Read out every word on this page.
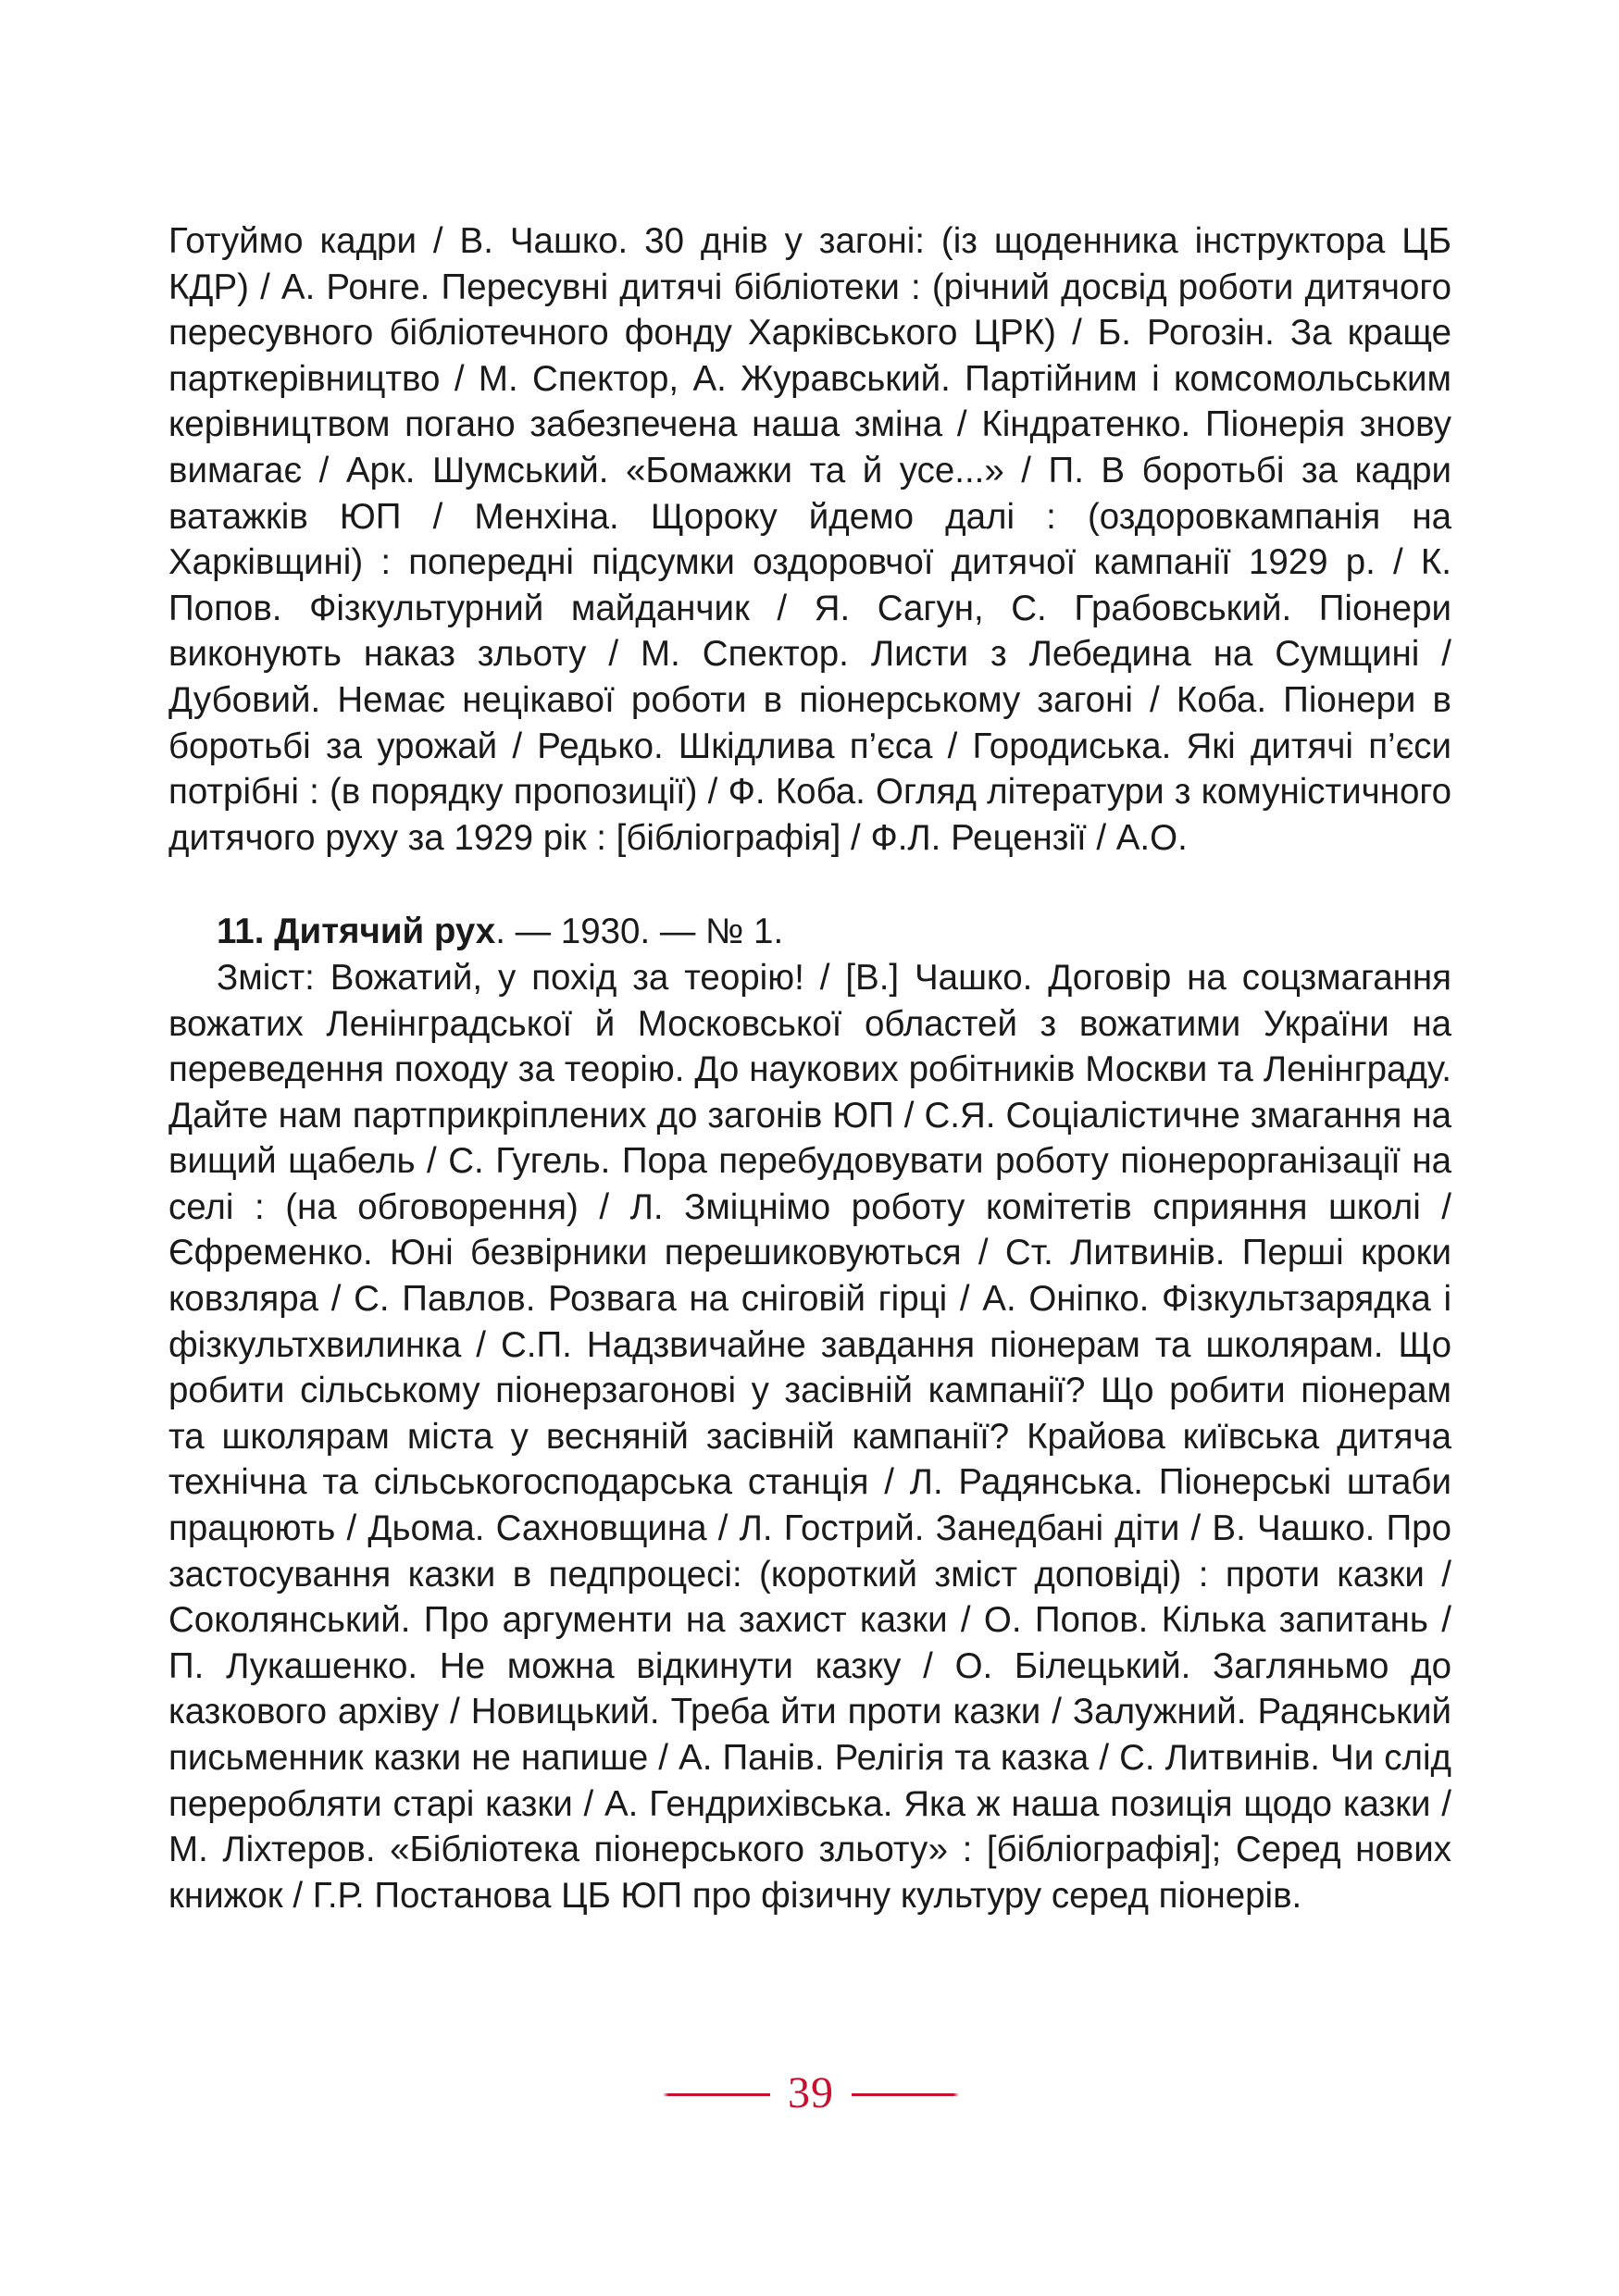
Готуймо кадри / В. Чашко. 30 днів у загоні: (із щоденника інструктора ЦБ КДР) / А. Ронге. Пересувні дитячі бібліотеки : (річний досвід роботи дитячого пересувного бібліотечного фонду Харківського ЦРК) / Б. Рогозін. За краще парткерівництво / М. Спектор, А. Журавський. Партійним і комсомольським керівництвом погано забезпечена наша зміна / Кіндратенко. Піонерія знову вимагає / Арк. Шумський. «Бомажки та й усе...» / П. В боротьбі за кадри ватажків ЮП / Менхіна. Щороку йдемо далі : (оздоровкампанія на Харківщині) : попередні підсумки оздоровчої дитячої кампанії 1929 р. / К. Попов. Фізкультурний майданчик / Я. Сагун, С. Грабовський. Піонери виконують наказ зльоту / М. Спектор. Листи з Лебедина на Сумщині / Дубовий. Немає нецікавої роботи в піонерському загоні / Коба. Піонери в боротьбі за урожай / Редько. Шкідлива п’єса / Городиська. Які дитячі п’єси потрібні : (в порядку пропозиції) / Ф. Коба. Огляд літератури з комуністичного дитячого руху за 1929 рік : [бібліографія] / Ф.Л. Рецензії / А.О.

11. Дитячий рух. — 1930. — № 1.

Зміст: Вожатий, у похід за теорію! / [В.] Чашко. Договір на соцзмагання вожатих Ленінградської й Московської областей з вожатими України на переведення походу за теорію. До наукових робітників Москви та Ленінграду. Дайте нам партприкріплених до загонів ЮП / С.Я. Соціалістичне змагання на вищий щабель / С. Гугель. Пора перебудовувати роботу піонерорганізації на селі : (на обговорення) / Л. Зміцнімо роботу комітетів сприяння школі / Єфременко. Юні безвірники перешиковуються / Ст. Литвинів. Перші кроки ковзляра / С. Павлов. Розвага на сніговій гірці / А. Оніпко. Фізкультзарядка і фізкультхвилинка / С.П. Надзвичайне завдання піонерам та школярам. Що робити сільському піонерзагонові у засівній кампанії? Що робити піонерам та школярам міста у весняній засівній кампанії? Крайова київська дитяча технічна та сільськогосподарська станція / Л. Радянська. Піонерські штаби працюють / Дьома. Сахновщина / Л. Гострий. Занедбані діти / В. Чашко. Про застосування казки в педпроцесі: (короткий зміст доповіді) : проти казки / Соколянський. Про аргументи на захист казки / О. Попов. Кілька запитань / П. Лукашенко. Не можна відкинути казку / О. Білецький. Загляньмо до казкового архіву / Новицький. Треба йти проти казки / Залужний. Радянський письменник казки не напише / А. Панів. Релігія та казка / С. Литвинів. Чи слід переробляти старі казки / А. Гендрихівська. Яка ж наша позиція щодо казки / М. Ліхтеров. «Бібліотека піонерського зльоту» : [бібліографія]; Серед нових книжок / Г.Р. Постанова ЦБ ЮП про фізичну культуру серед піонерів.

39
